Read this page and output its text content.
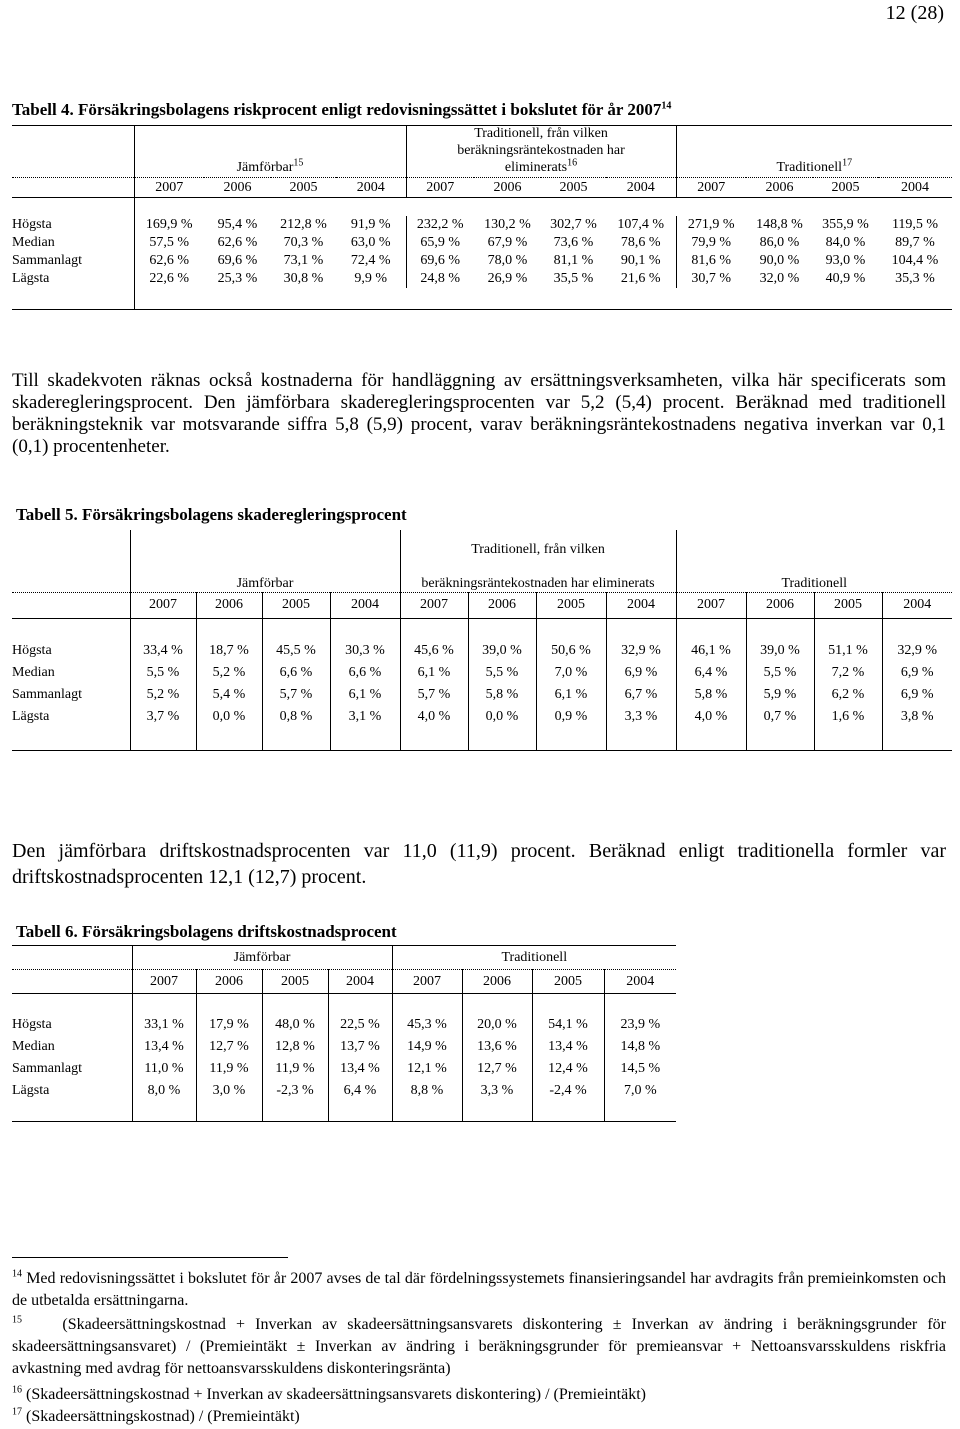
12 (28)
Tabell 4. Försäkringsbolagens riskprocent enligt redovisningssättet i bokslutet för år 2007$^{14}$
					Traditionell, från vilken							
					beräkningsräntekostnaden har							
	Jämförbar$^{15}$				eliminerats$^{16}$				Traditionell$^{17}$
	2007	2006	2005	2004	2007	2006	2005	2004	2007	2006	2005	2004

Högsta	169,9 %	95,4 %	212,8 %	91,9 %	232,2 %	130,2 %	302,7 %	107,4 %	271,9 %	148,8 %	355,9 %	119,5 %
Median	57,5 %	62,6 %	70,3 %	63,0 %	65,9 %	67,9 %	73,6 %	78,6 %	79,9 %	86,0 %	84,0 %	89,7 %
Sammanlagt	62,6 %	69,6 %	73,1 %	72,4 %	69,6 %	78,0 %	81,1 %	90,1 %	81,6 %	90,0 %	93,0 %	104,4 %
Lägsta	22,6 %	25,3 %	30,8 %	9,9 %	24,8 %	26,9 %	35,5 %	21,6 %	30,7 %	32,0 %	40,9 %	35,3 %

Till skadekvoten räknas också kostnaderna för handläggning av ersättningsverksamheten, vilka här specificerats som skaderegleringsprocent. Den jämförbara skaderegleringsprocenten var 5,2 (5,4) procent. Beräknad med traditionell beräkningsteknik var motsvarande siffra 5,8 (5,9) procent, varav beräkningsräntekostnadens negativa inverkan var 0,1 (0,1) procentenheter.
Tabell 5. Försäkringsbolagens skaderegleringsprocent
					Traditionell, från vilken							
	Jämförbar				beräkningsräntekostnaden har eliminerats				Traditionell			
	2007	2006	2005	2004	2007	2006	2005	2004	2007	2006	2005	2004

Högsta	33,4 %	18,7 %	45,5 %	30,3 %	45,6 %	39,0 %	50,6 %	32,9 %	46,1 %	39,0 %	51,1 %	32,9 %
Median	5,5 %	5,2 %	6,6 %	6,6 %	6,1 %	5,5 %	7,0 %	6,9 %	6,4 %	5,5 %	7,2 %	6,9 %
Sammanlagt	5,2 %	5,4 %	5,7 %	6,1 %	5,7 %	5,8 %	6,1 %	6,7 %	5,8 %	5,9 %	6,2 %	6,9 %
Lägsta	3,7 %	0,0 %	0,8 %	3,1 %	4,0 %	0,0 %	0,9 %	3,3 %	4,0 %	0,7 %	1,6 %	3,8 %

Den jämförbara driftskostnadsprocenten var 11,0 (11,9) procent. Beräknad enligt traditionella formler var driftskostnadsprocenten 12,1 (12,7) procent.
Tabell 6. Försäkringsbolagens driftskostnadsprocent
	Jämförbar				Traditionell			
	2007	2006	2005	2004	2007	2006	2005	2004

Högsta	33,1 %	17,9 %	48,0 %	22,5 %	45,3 %	20,0 %	54,1 %	23,9 %
Median	13,4 %	12,7 %	12,8 %	13,7 %	14,9 %	13,6 %	13,4 %	14,8 %
Sammanlagt	11,0 %	11,9 %	11,9 %	13,4 %	12,1 %	12,7 %	12,4 %	14,5 %
Lägsta	8,0 %	3,0 %	-2,3 %	6,4 %	8,8 %	3,3 %	-2,4 %	7,0 %

$^{14}$ Med redovisningssättet i bokslutet för år 2007 avses de tal där fördelningssystemets finansieringsandel har avdragits från premieinkomsten och de utbetalda ersättningarna.
$^{15}$	(Skadeersättningskostnad + Inverkan av skadeersättningsansvarets diskontering ± Inverkan av ändring i beräkningsgrunder för skadeersättningsansvaret) / (Premieintäkt ± Inverkan av ändring i beräkningsgrunder för premieansvar + Nettoansvarsskuldens riskfria avkastning med avdrag för nettoansvarsskuldens diskonteringsränta)
$^{16}$ (Skadeersättningskostnad + Inverkan av skadeersättningsansvarets diskontering) / (Premieintäkt)
$^{17}$ (Skadeersättningskostnad) / (Premieintäkt)
